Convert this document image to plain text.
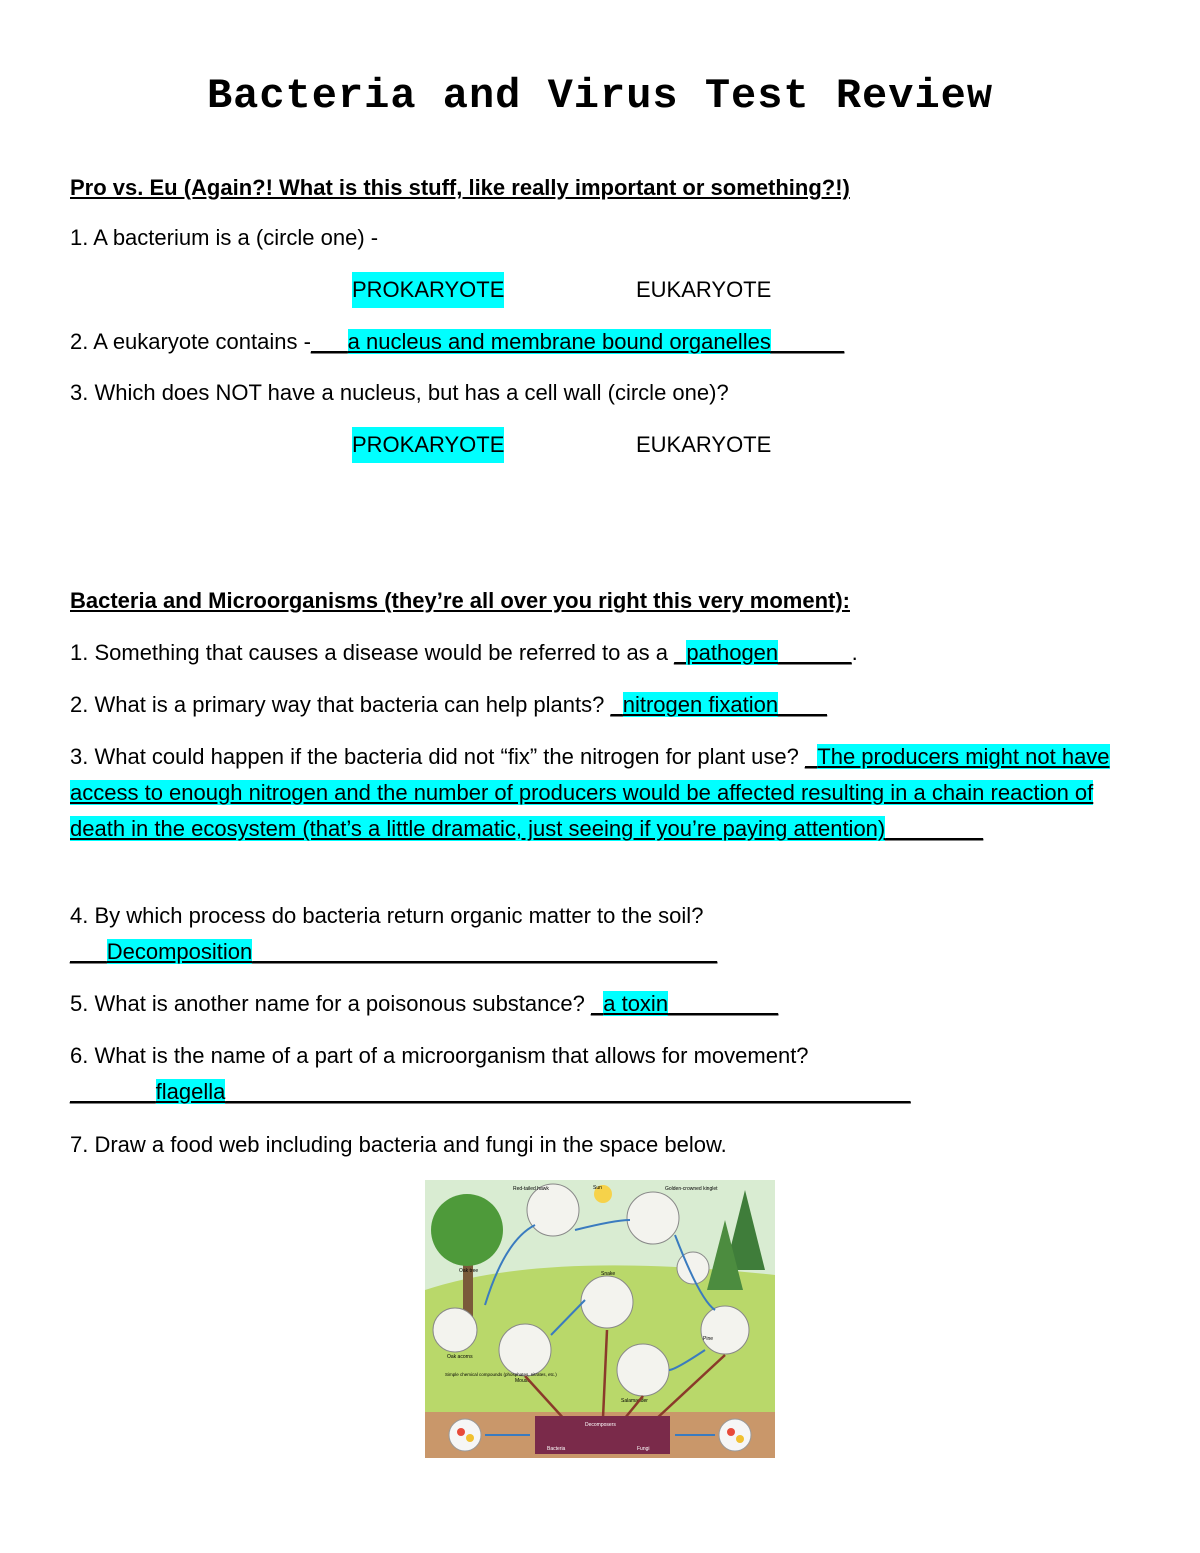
Bacteria and Virus Test Review
Pro vs. Eu (Again?! What is this stuff, like really important or something?!)
1. A bacterium is a (circle one) -
PROKARYOTE	EUKARYOTE
2. A eukaryote contains -___a nucleus and membrane bound organelles______
3. Which does NOT have a nucleus, but has a cell wall (circle one)?
PROKARYOTE	EUKARYOTE
Bacteria and Microorganisms (they’re all over you right this very moment):
1. Something that causes a disease would be referred to as a _pathogen______.
2. What is a primary way that bacteria can help plants? _nitrogen fixation____
3. What could happen if the bacteria did not “fix” the nitrogen for plant use? _The producers might not have access to enough nitrogen and the number of producers would be affected resulting in a chain reaction of death in the ecosystem (that’s a little dramatic, just seeing if you’re paying attention)________
4. By which process do bacteria return organic matter to the soil?
___Decomposition______________________________________
5. What is another name for a poisonous substance? _a toxin_________
6. What is the name of a part of a microorganism that allows for movement?
_______flagella________________________________________________________
7. Draw a food web including bacteria and fungi in the space below.
Sun
Oak tree
Red-tailed hawk	Golden-crowned kinglet
Snake
Oak acorns
Mouse
Salamander
Pine
Simple chemical compounds (phosphates, nitrates, etc.)
Decomposers
Bacteria	Fungi
